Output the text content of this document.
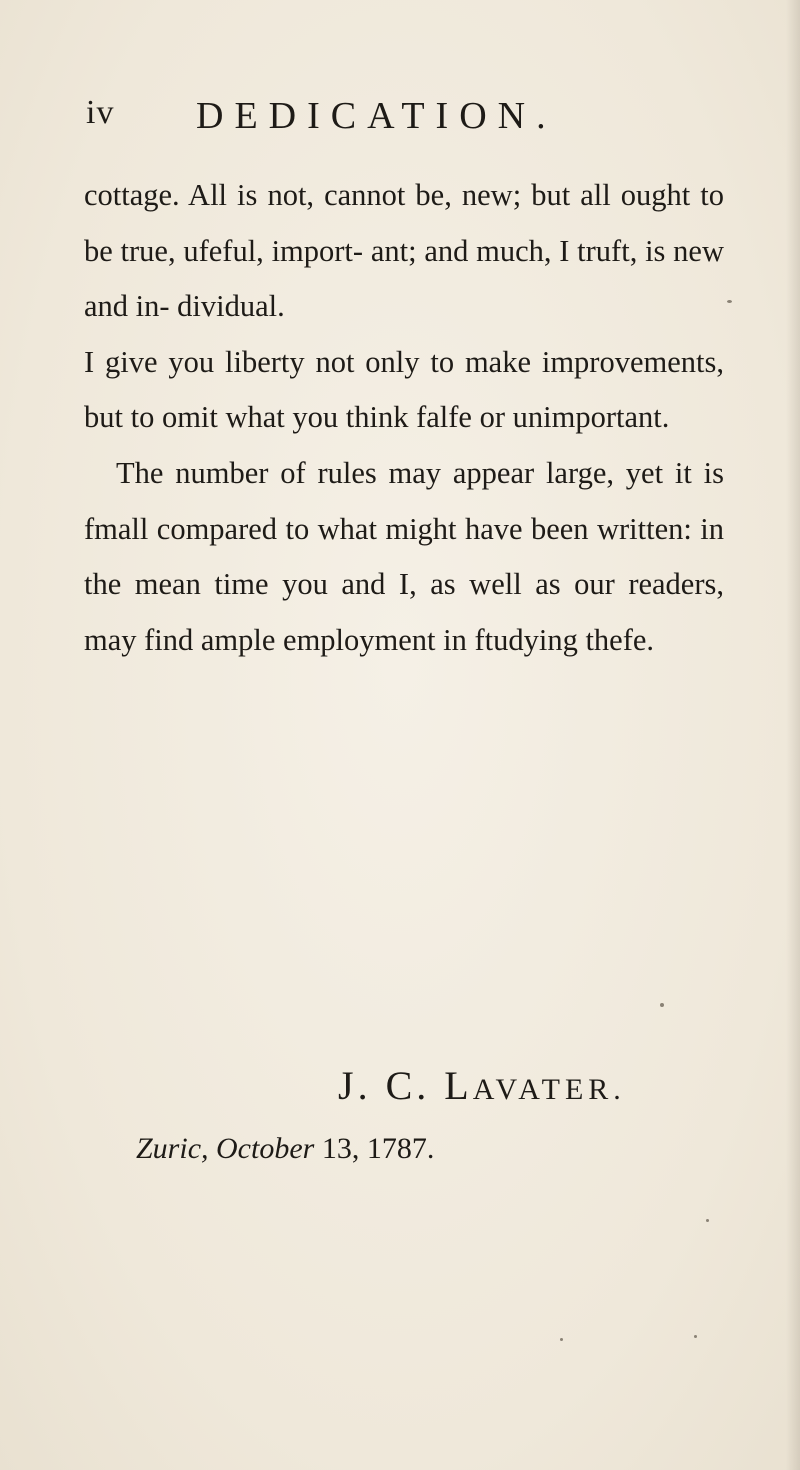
iv DEDICATION.

cottage. All is not, cannot be, new; but all ought to be true, ufeful, import- ant; and much, I truft, is new and in- dividual.

I give you liberty not only to make improvements, but to omit what you think falfe or unimportant.

The number of rules may appear large, yet it is fmall compared to what might have been written: in the mean time you and I, as well as our readers, may find ample employment in ftudying thefe.

J. C. LAVATER.
Zuric, October 13, 1787.
